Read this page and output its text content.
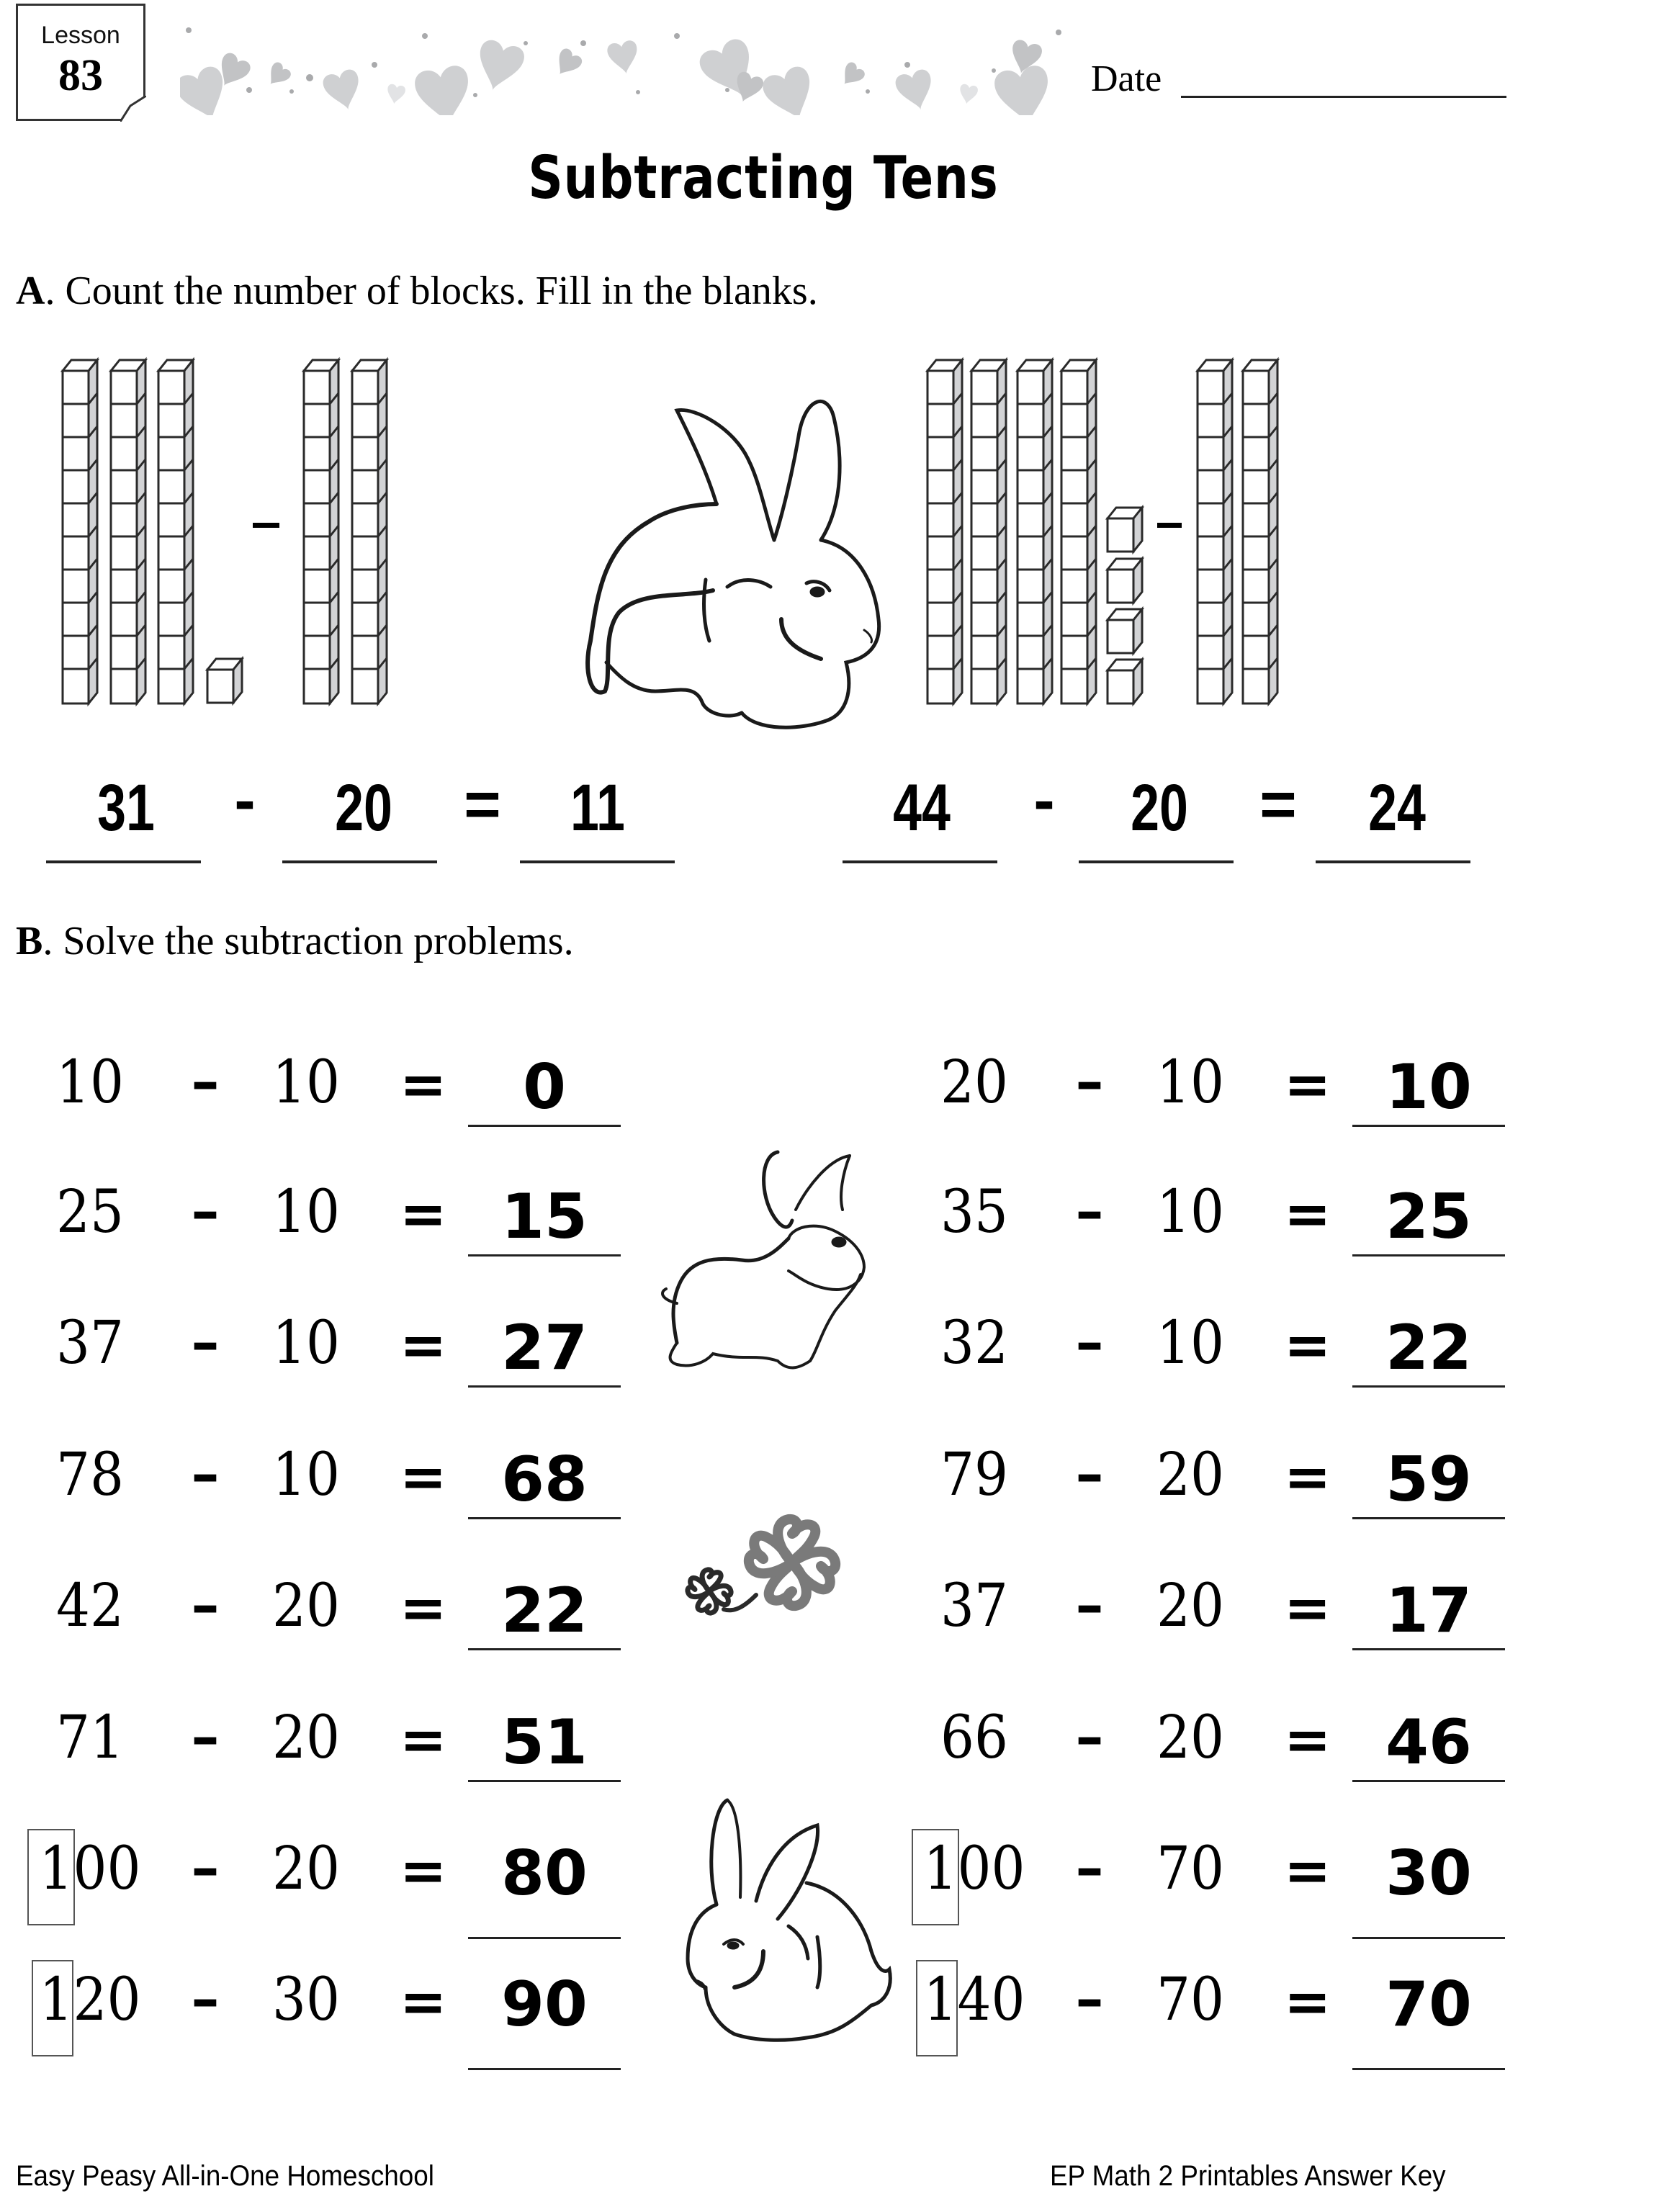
Lesson
83	Date
Subtracting Tens
A. Count the number of blocks. Fill in the blanks.
31	-	20	=	11	44	-	20	=	24
B. Solve the subtraction problems.
10	– 10	=	0
25	– 10	= 15
37	– 10	= 27
78	– 10	= 68
42	– 20	= 22
71	– 20	= 51
100 – 20	= 80
120 – 30	= 90
20	– 10	= 10
35	– 10	= 25
32	– 10	= 22
79	– 20	= 59
37	– 20	= 17
66	– 20	= 46
100 – 70	= 30
140 – 70	= 70
Easy Peasy All-in-One Homeschool	EP Math 2 Printables Answer Key
